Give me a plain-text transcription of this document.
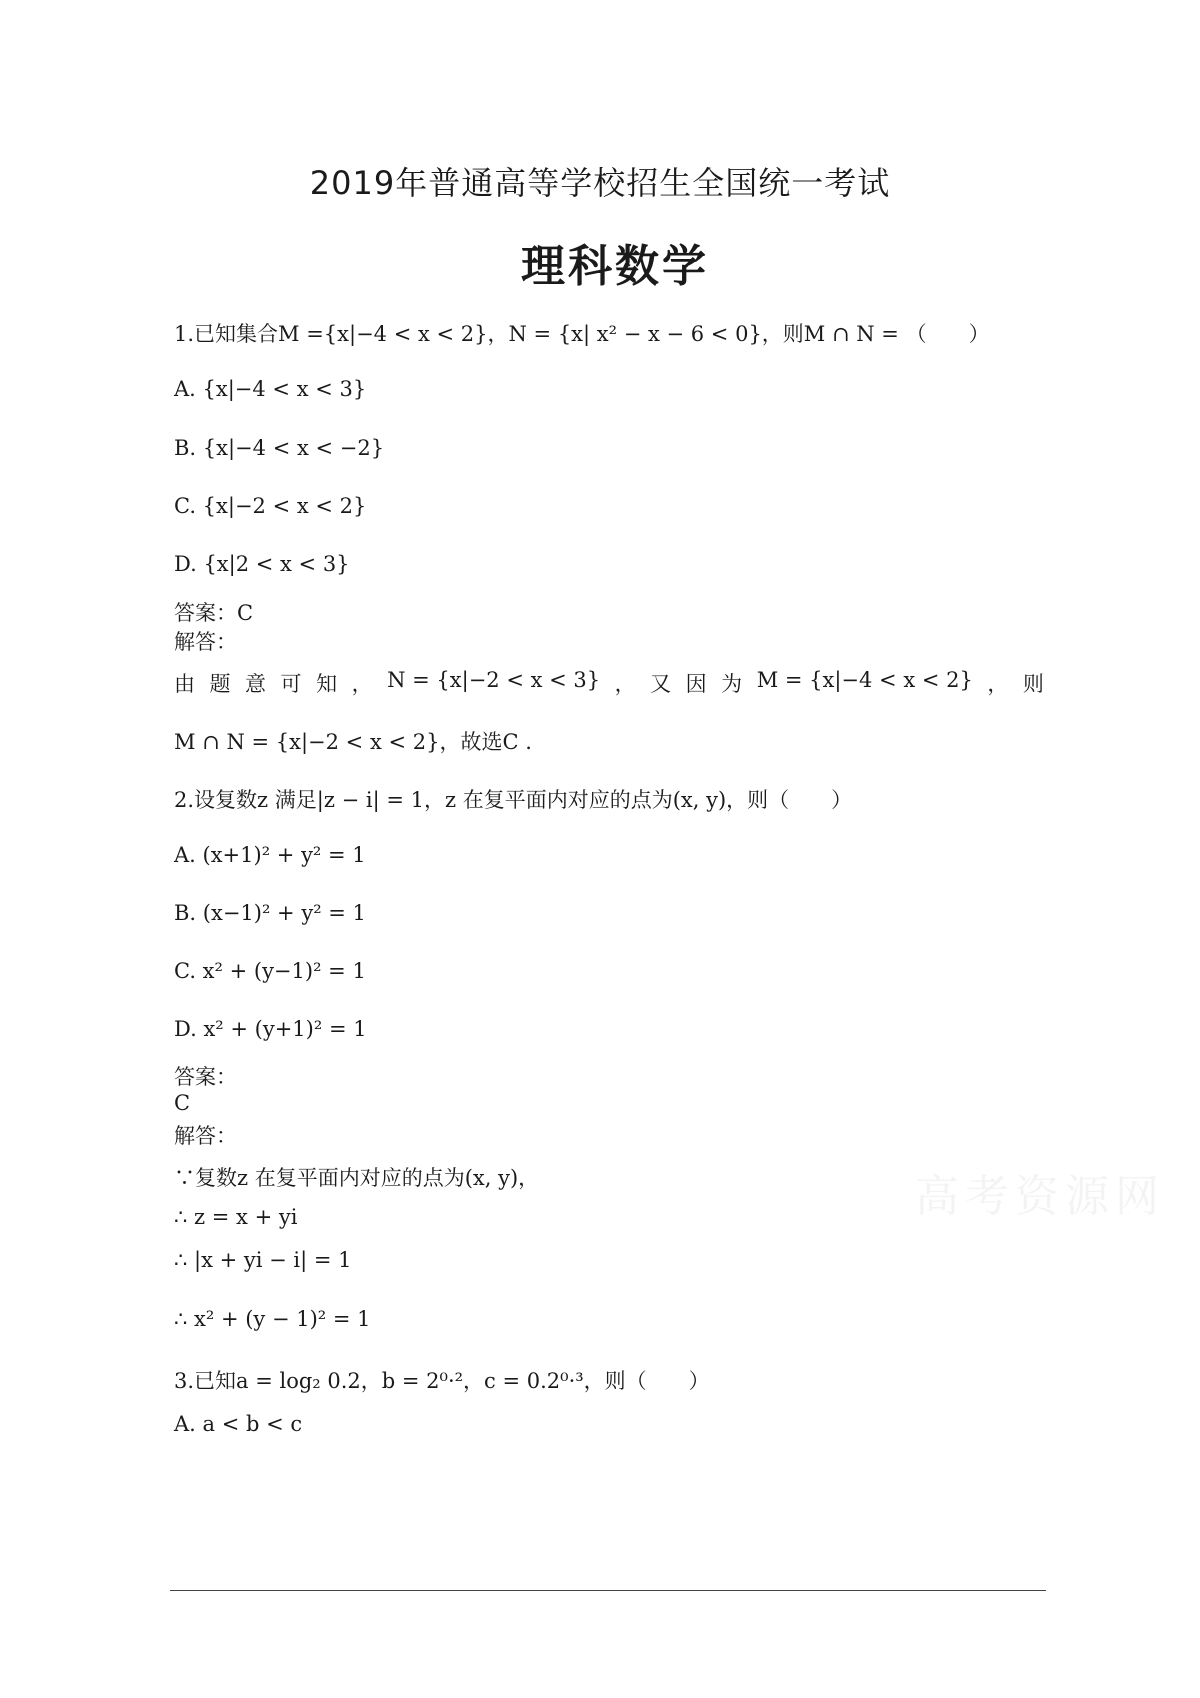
2019年普通高等学校招生全国统一考试
理科数学
1.已知集合M ={x|−4 < x < 2}，N = {x| x² − x − 6 < 0}，则M ∩ N = （　　）
A. {x|−4 < x < 3}
B. {x|−4 < x < −2}
C. {x|−2 < x < 2}
D. {x|2 < x < 3}
答案：C
解答：
由 题 意 可 知 ， N = {x|−2 < x < 3} ， 又 因 为 M = {x|−4 < x < 2} ， 则
M ∩ N = {x|−2 < x < 2}，故选C .
2.设复数z 满足|z − i| = 1，z 在复平面内对应的点为(x, y)，则（　　）
A. (x+1)² + y² = 1
B. (x−1)² + y² = 1
C. x² + (y−1)² = 1
D. x² + (y+1)² = 1
答案：
C
解答：
∵复数z 在复平面内对应的点为(x, y)，
∴ z = x + yi
∴ |x + yi − i| = 1
∴ x² + (y − 1)² = 1
3.已知a = log₂ 0.2，b = 2⁰·²，c = 0.2⁰·³，则（　　）
A. a < b < c
高考资源网
